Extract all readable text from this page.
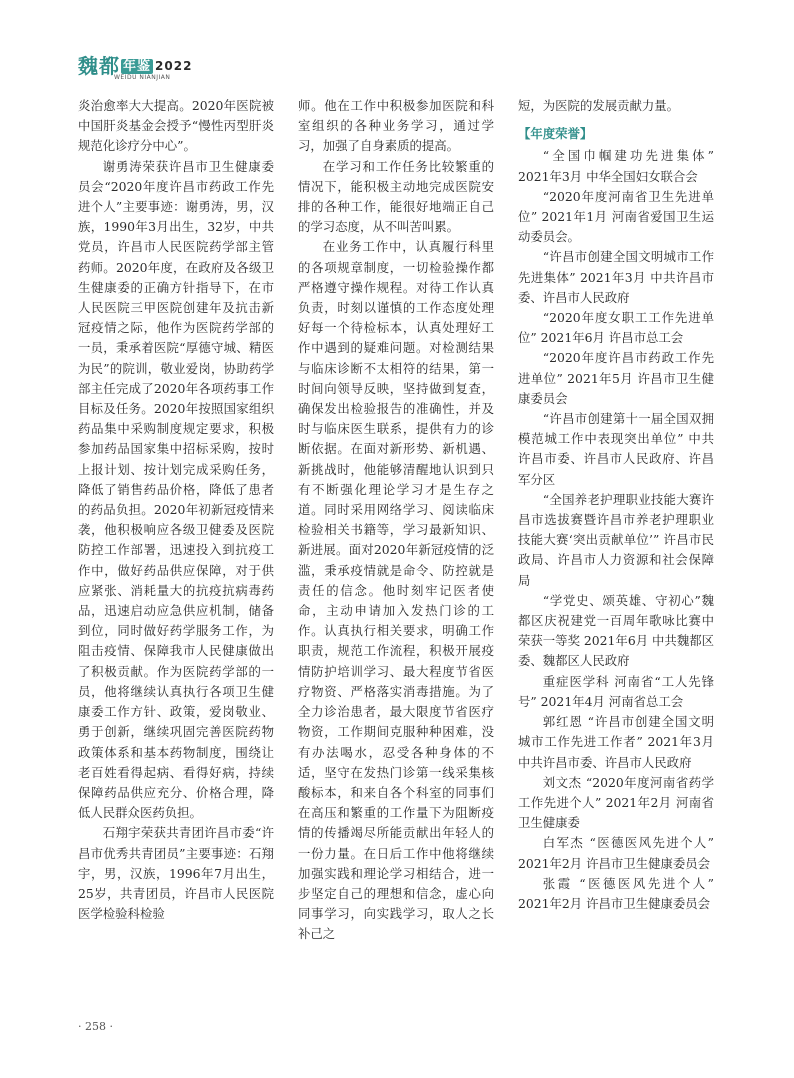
魏都 年鉴 2022
WEIDU NIANJIAN

炎治愈率大大提高。2020年医院被中国肝炎基金会授予“慢性丙型肝炎规范化诊疗分中心”。

谢勇涛荣获许昌市卫生健康委员会“2020年度许昌市药政工作先进个人”主要事迹：谢勇涛，男，汉族，1990年3月出生，32岁，中共党员，许昌市人民医院药学部主管药师。2020年度，在政府及各级卫生健康委的正确方针指导下，在市人民医院三甲医院创建年及抗击新冠疫情之际，他作为医院药学部的一员，秉承着医院“厚德守城、精医为民”的院训，敬业爱岗，协助药学部主任完成了2020年各项药事工作目标及任务。2020年按照国家组织药品集中采购制度规定要求，积极参加药品国家集中招标采购，按时上报计划、按计划完成采购任务，降低了销售药品价格，降低了患者的药品负担。2020年初新冠疫情来袭，他积极响应各级卫健委及医院防控工作部署，迅速投入到抗疫工作中，做好药品供应保障，对于供应紧张、消耗量大的抗疫抗病毒药品，迅速启动应急供应机制，储备到位，同时做好药学服务工作，为阻击疫情、保障我市人民健康做出了积极贡献。作为医院药学部的一员，他将继续认真执行各项卫生健康委工作方针、政策，爱岗敬业、勇于创新，继续巩固完善医院药物政策体系和基本药物制度，围绕让老百姓看得起病、看得好病，持续保障药品供应充分、价格合理，降低人民群众医药负担。

石翔宇荣获共青团许昌市委“许昌市优秀共青团员”主要事迹：石翔宇，男，汉族，1996年7月出生，25岁，共青团员，许昌市人民医院医学检验科检验

师。他在工作中积极参加医院和科室组织的各种业务学习，通过学习，加强了自身素质的提高。

在学习和工作任务比较繁重的情况下，能积极主动地完成医院安排的各种工作，能很好地端正自己的学习态度，从不叫苦叫累。

在业务工作中，认真履行科里的各项规章制度，一切检验操作都严格遵守操作规程。对待工作认真负责，时刻以谨慎的工作态度处理好每一个待检标本，认真处理好工作中遇到的疑难问题。对检测结果与临床诊断不太相符的结果，第一时间向领导反映，坚持做到复查，确保发出检验报告的准确性，并及时与临床医生联系，提供有力的诊断依据。在面对新形势、新机遇、新挑战时，他能够清醒地认识到只有不断强化理论学习才是生存之道。同时采用网络学习、阅读临床检验相关书籍等，学习最新知识、新进展。面对2020年新冠疫情的泛滥，秉承疫情就是命令、防控就是责任的信念。他时刻牢记医者使命，主动申请加入发热门诊的工作。认真执行相关要求，明确工作职责，规范工作流程，积极开展疫情防护培训学习、最大程度节省医疗物资、严格落实消毒措施。为了全力诊治患者，最大限度节省医疗物资，工作期间克服种种困难，没有办法喝水，忍受各种身体的不适，坚守在发热门诊第一线采集核酸标本，和来自各个科室的同事们在高压和繁重的工作量下为阻断疫情的传播竭尽所能贡献出年轻人的一份力量。在日后工作中他将继续加强实践和理论学习相结合，进一步坚定自己的理想和信念，虚心向同事学习，向实践学习，取人之长补己之

短，为医院的发展贡献力量。

【年度荣誉】

“全国巾帼建功先进集体” 2021年3月 中华全国妇女联合会

“2020年度河南省卫生先进单位” 2021年1月 河南省爱国卫生运动委员会。

“许昌市创建全国文明城市工作先进集体” 2021年3月 中共许昌市委、许昌市人民政府

“2020年度女职工工作先进单位” 2021年6月 许昌市总工会

“2020年度许昌市药政工作先进单位” 2021年5月 许昌市卫生健康委员会

“许昌市创建第十一届全国双拥模范城工作中表现突出单位” 中共许昌市委、许昌市人民政府、许昌军分区

“全国养老护理职业技能大赛许昌市选拔赛暨许昌市养老护理职业技能大赛‘突出贡献单位’” 许昌市民政局、许昌市人力资源和社会保障局

“学党史、颂英雄、守初心”魏都区庆祝建党一百周年歌咏比赛中荣获一等奖 2021年6月 中共魏都区委、魏都区人民政府

重症医学科 河南省“工人先锋号” 2021年4月 河南省总工会

郭红恩 “许昌市创建全国文明城市工作先进工作者” 2021年3月 中共许昌市委、许昌市人民政府

刘文杰 “2020年度河南省药学工作先进个人” 2021年2月 河南省卫生健康委

白军杰 “医德医风先进个人” 2021年2月 许昌市卫生健康委员会

张霞 “医德医风先进个人” 2021年2月 许昌市卫生健康委员会

· 258 ·
